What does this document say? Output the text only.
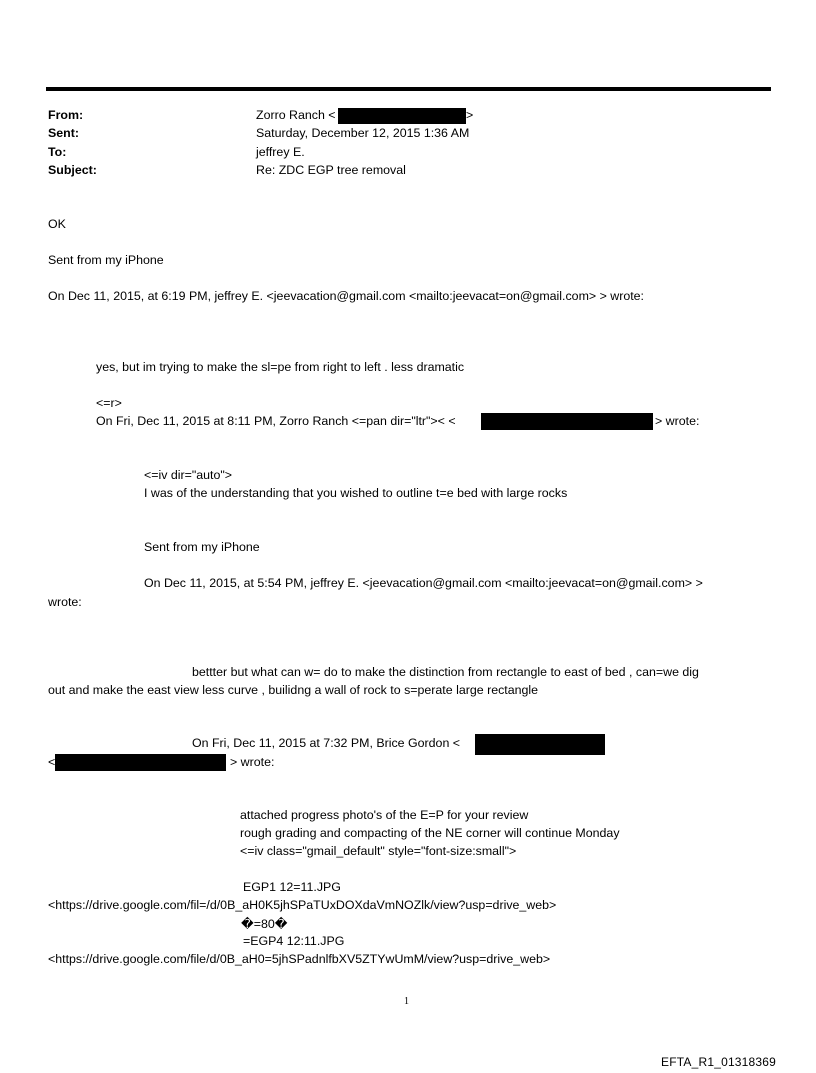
From:	Zorro Ranch <	>
Sent:	Saturday, December 12, 2015 1:36 AM
To:	jeffrey E.
Subject:	Re: ZDC EGP tree removal
OK
Sent from my iPhone
On Dec 11, 2015, at 6:19 PM, jeffrey E. <jeevacation@gmail.com <mailto:jeevacat=on@gmail.com> > wrote:
yes, but im trying to make the sl=pe from right to left . less dramatic
<=r>
On Fri, Dec 11, 2015 at 8:11 PM, Zorro Ranch <=pan dir="ltr">< <	> wrote:
<=iv dir="auto">
I was of the understanding that you wished to outline t=e bed with large rocks
Sent from my iPhone
On Dec 11, 2015, at 5:54 PM, jeffrey E. <jeevacation@gmail.com <mailto:jeevacat=on@gmail.com> >
wrote:
bettter but what can w= do to make the distinction from rectangle to east of bed , can=we dig
out and make the east view less curve , builidng a wall of rock to s=perate large rectangle
On Fri, Dec 11, 2015 at 7:32 PM, Brice Gordon <
<	> wrote:
attached progress photo's of the E=P for your review
rough grading and compacting of the NE corner will continue Monday
<=iv class="gmail_default" style="font-size:small">
EGP1 12=11.JPG
<https://drive.google.com/fil=/d/0B_aH0K5jhSPaTUxDOXdaVmNOZlk/view?usp=drive_web>
�=80�
=EGP4 12:11.JPG
<https://drive.google.com/file/d/0B_aH0=5jhSPadnlfbXV5ZTYwUmM/view?usp=drive_web>
1
EFTA_R1_01318369
